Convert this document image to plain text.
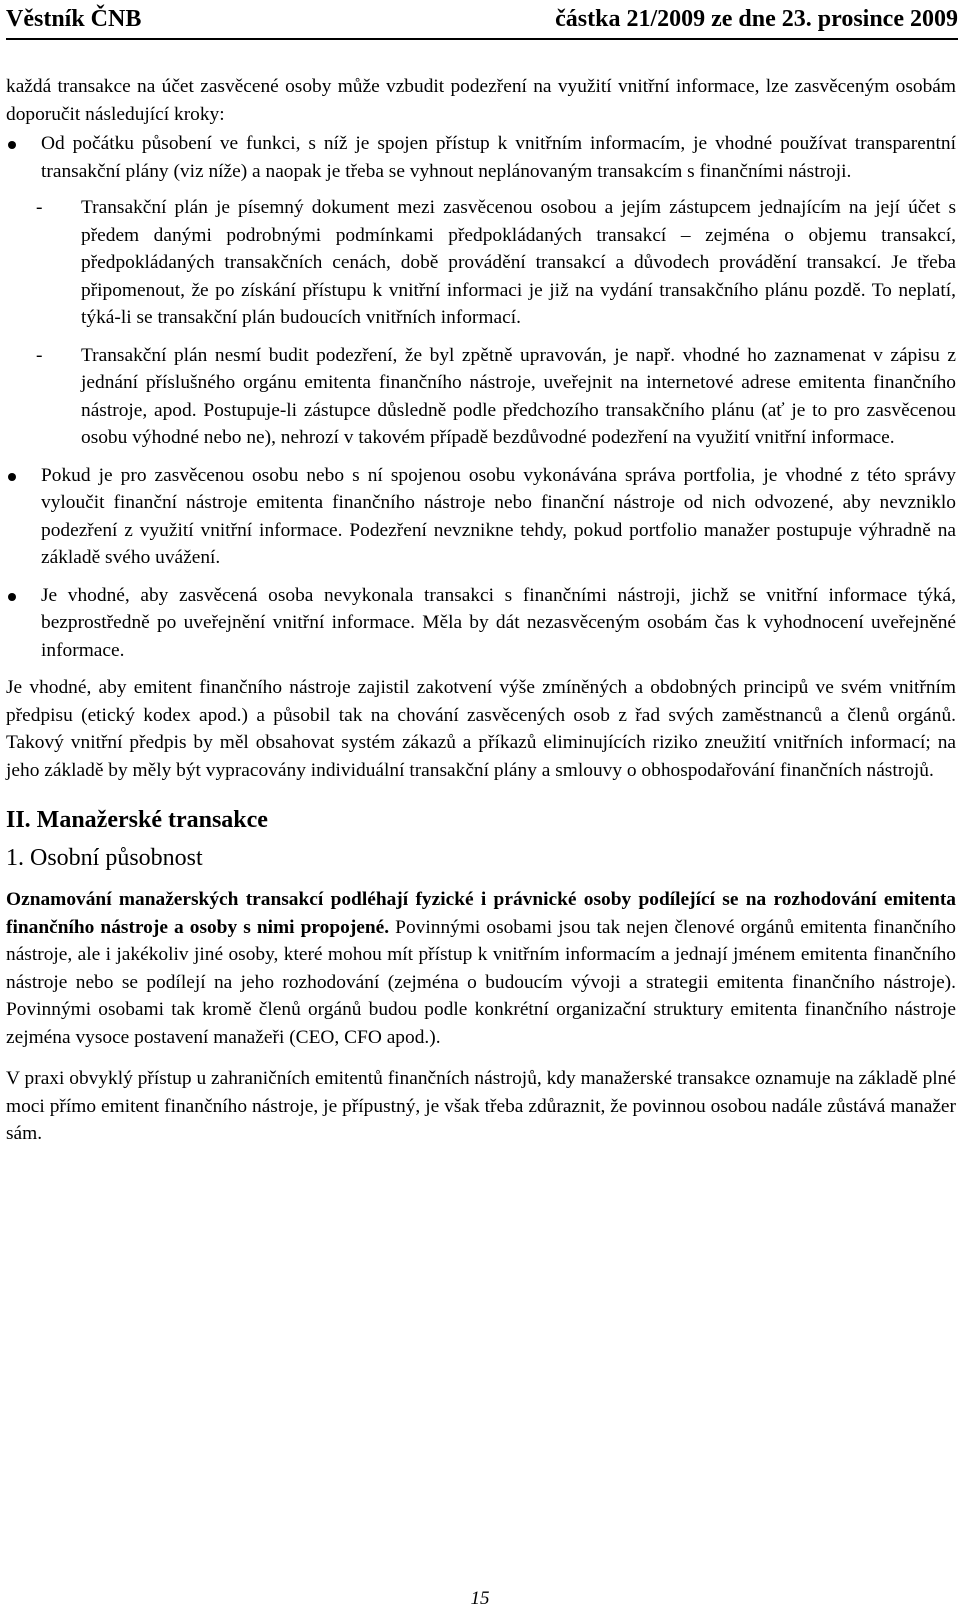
Věstník ČNB	částka 21/2009 ze dne 23. prosince 2009

každá transakce na účet zasvěcené osoby může vzbudit podezření na využití vnitřní informace, lze zasvěceným osobám doporučit následující kroky:

Od počátku působení ve funkci, s níž je spojen přístup k vnitřním informacím, je vhodné používat transparentní transakční plány (viz níže) a naopak je třeba se vyhnout neplánovaným transakcím s finančními nástroji.
- Transakční plán je písemný dokument mezi zasvěcenou osobou a jejím zástupcem jednajícím na její účet s předem danými podrobnými podmínkami předpokládaných transakcí – zejména o objemu transakcí, předpokládaných transakčních cenách, době provádění transakcí a důvodech provádění transakcí. Je třeba připomenout, že po získání přístupu k vnitřní informaci je již na vydání transakčního plánu pozdě. To neplatí, týká-li se transakční plán budoucích vnitřních informací.
- Transakční plán nesmí budit podezření, že byl zpětně upravován, je např. vhodné ho zaznamenat v zápisu z jednání příslušného orgánu emitenta finančního nástroje, uveřejnit na internetové adrese emitenta finančního nástroje, apod. Postupuje-li zástupce důsledně podle předchozího transakčního plánu (ať je to pro zasvěcenou osobu výhodné nebo ne), nehrozí v takovém případě bezdůvodné podezření na využití vnitřní informace.
Pokud je pro zasvěcenou osobu nebo s ní spojenou osobu vykonávána správa portfolia, je vhodné z této správy vyloučit finanční nástroje emitenta finančního nástroje nebo finanční nástroje od nich odvozené, aby nevzniklo podezření z využití vnitřní informace. Podezření nevznikne tehdy, pokud portfolio manažer postupuje výhradně na základě svého uvážení.
Je vhodné, aby zasvěcená osoba nevykonala transakci s finančními nástroji, jichž se vnitřní informace týká, bezprostředně po uveřejnění vnitřní informace. Měla by dát nezasvěceným osobám čas k vyhodnocení uveřejněné informace.

Je vhodné, aby emitent finančního nástroje zajistil zakotvení výše zmíněných a obdobných principů ve svém vnitřním předpisu (etický kodex apod.) a působil tak na chování zasvěcených osob z řad svých zaměstnanců a členů orgánů. Takový vnitřní předpis by měl obsahovat systém zákazů a příkazů eliminujících riziko zneužití vnitřních informací; na jeho základě by měly být vypracovány individuální transakční plány a smlouvy o obhospodařování finančních nástrojů.

II. Manažerské transakce
1. Osobní působnost

Oznamování manažerských transakcí podléhají fyzické i právnické osoby podílející se na rozhodování emitenta finančního nástroje a osoby s nimi propojené. Povinnými osobami jsou tak nejen členové orgánů emitenta finančního nástroje, ale i jakékoliv jiné osoby, které mohou mít přístup k vnitřním informacím a jednají jménem emitenta finančního nástroje nebo se podílejí na jeho rozhodování (zejména o budoucím vývoji a strategii emitenta finančního nástroje). Povinnými osobami tak kromě členů orgánů budou podle konkrétní organizační struktury emitenta finančního nástroje zejména vysoce postavení manažeři (CEO, CFO apod.).

V praxi obvyklý přístup u zahraničních emitentů finančních nástrojů, kdy manažerské transakce oznamuje na základě plné moci přímo emitent finančního nástroje, je přípustný, je však třeba zdůraznit, že povinnou osobou nadále zůstává manažer sám.

15
